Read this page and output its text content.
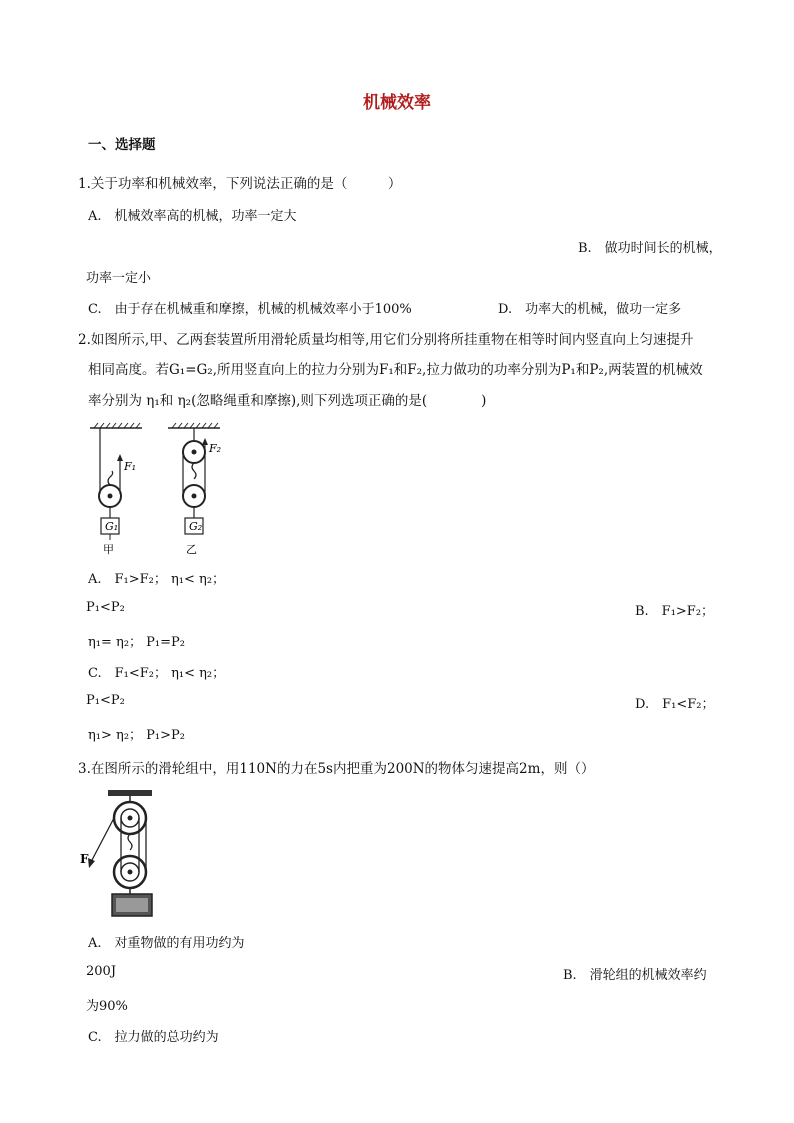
机械效率
一、选择题
1.关于功率和机械效率，下列说法正确的是（　　　）
A.　机械效率高的机械，功率一定大
B.　做功时间长的机械，
功率一定小
C.　由于存在机械重和摩擦，机械的机械效率小于100%	D.　功率大的机械，做功一定多
2.如图所示,甲、乙两套装置所用滑轮质量均相等,用它们分别将所挂重物在相等时间内竖直向上匀速提升
相同高度。若G₁=G₂,所用竖直向上的拉力分别为F₁和F₂,拉力做功的功率分别为P₁和P₂,两装置的机械效
率分别为 η₁和 η₂(忽略绳重和摩擦),则下列选项正确的是(　　　　)
G₁
甲
F₁
G₂
乙
F₂
A.　F₁>F₂； η₁< η₂；
P₁<P₂	B.　F₁>F₂；
η₁= η₂； P₁=P₂
C.　F₁<F₂； η₁< η₂；
P₁<P₂	D.　F₁<F₂；
η₁> η₂； P₁>P₂
3.在图所示的滑轮组中，用110N的力在5s内把重为200N的物体匀速提高2m，则（）
F
A.　对重物做的有用功约为
200J	B.　滑轮组的机械效率约
为90%
C.　拉力做的总功约为
